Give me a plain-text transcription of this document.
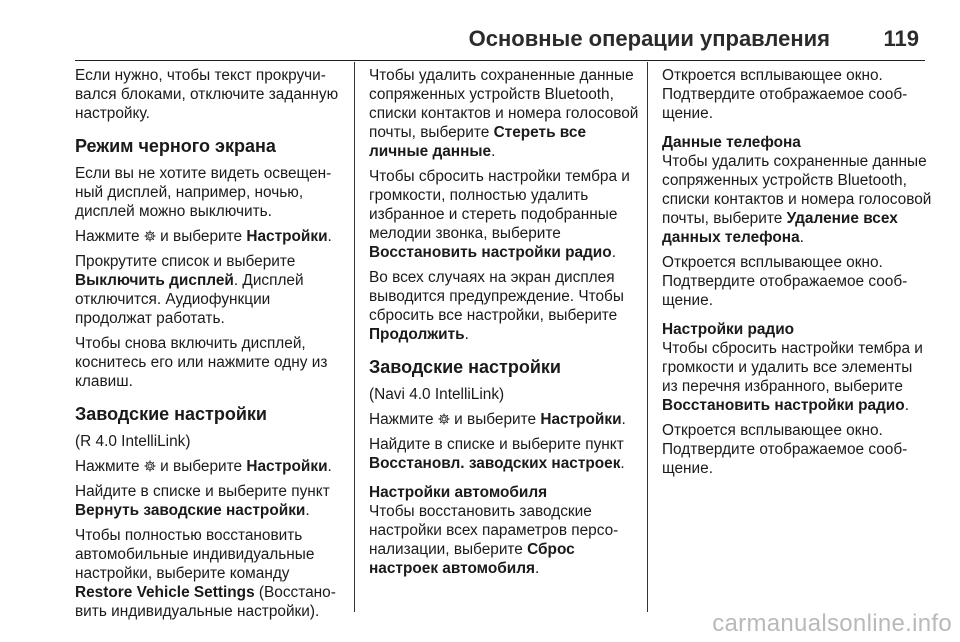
Основные операции управления 119

Если нужно, чтобы текст прокручивался блоками, отключите заданную настройку.

Режим черного экрана

Если вы не хотите видеть освещенный дисплей, например, ночью, дисплей можно выключить.

Нажмите и выберите Настройки.

Прокрутите список и выберите Выключить дисплей. Дисплей отключится. Аудиофункции продолжат работать.

Чтобы снова включить дисплей, коснитесь его или нажмите одну из клавиш.

Заводские настройки

(R 4.0 IntelliLink)

Нажмите и выберите Настройки.

Найдите в списке и выберите пункт Вернуть заводские настройки.

Чтобы полностью восстановить автомобильные индивидуальные настройки, выберите команду Restore Vehicle Settings (Восстановить индивидуальные настройки).

Чтобы удалить сохраненные данные сопряженных устройств Bluetooth, списки контактов и номера голосовой почты, выберите Стереть все личные данные.

Чтобы сбросить настройки тембра и громкости, полностью удалить избранное и стереть подобранные мелодии звонка, выберите Восстановить настройки радио.

Во всех случаях на экран дисплея выводится предупреждение. Чтобы сбросить все настройки, выберите Продолжить.

Заводские настройки

(Navi 4.0 IntelliLink)

Нажмите и выберите Настройки.

Найдите в списке и выберите пункт Восстановл. заводских настроек.

Настройки автомобиля

Чтобы восстановить заводские настройки всех параметров персонализации, выберите Сброс настроек автомобиля.

Откроется всплывающее окно. Подтвердите отображаемое сообщение.

Данные телефона

Чтобы удалить сохраненные данные сопряженных устройств Bluetooth, списки контактов и номера голосовой почты, выберите Удаление всех данных телефона.

Откроется всплывающее окно. Подтвердите отображаемое сообщение.

Настройки радио

Чтобы сбросить настройки тембра и громкости и удалить все элементы из перечня избранного, выберите Восстановить настройки радио.

Откроется всплывающее окно. Подтвердите отображаемое сообщение.

carmanualsonline.info
